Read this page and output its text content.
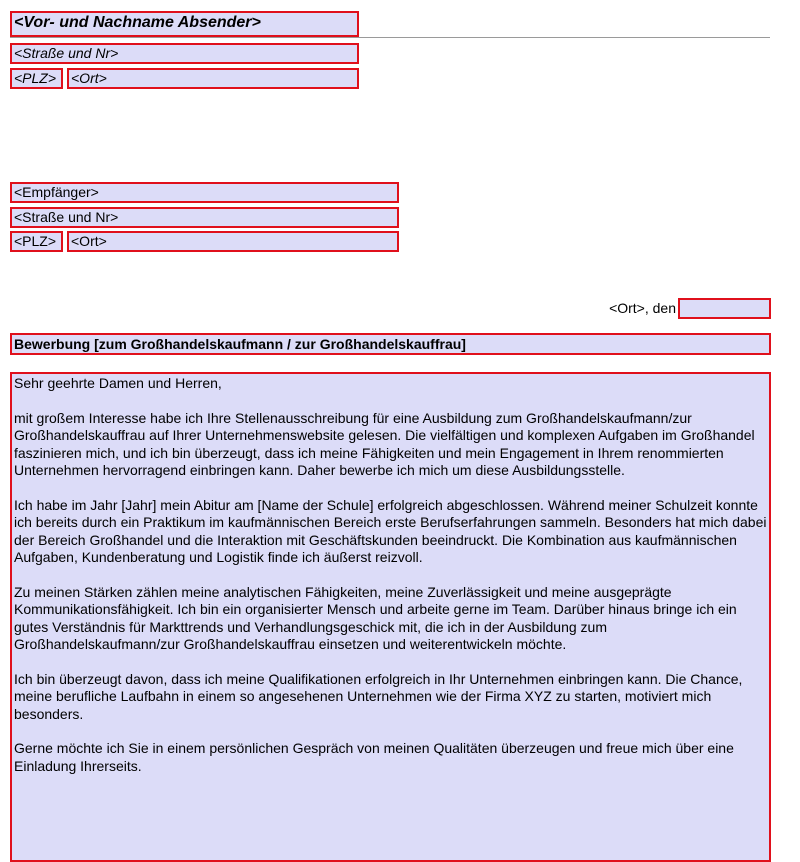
<Vor- und Nachname Absender>
<Straße und Nr>
<PLZ>	<Ort>
<Empfänger>
<Straße und Nr>
<PLZ>	<Ort>
<Ort>, den
Bewerbung [zum Großhandelskaufmann / zur Großhandelskauffrau]

Sehr geehrte Damen und Herren,

mit großem Interesse habe ich Ihre Stellenausschreibung für eine Ausbildung zum Großhandelskaufmann/zur Großhandelskauffrau auf Ihrer Unternehmenswebsite gelesen. Die vielfältigen und komplexen Aufgaben im Großhandel faszinieren mich, und ich bin überzeugt, dass ich meine Fähigkeiten und mein Engagement in Ihrem renommierten Unternehmen hervorragend einbringen kann. Daher bewerbe ich mich um diese Ausbildungsstelle.

Ich habe im Jahr [Jahr] mein Abitur am [Name der Schule] erfolgreich abgeschlossen. Während meiner Schulzeit konnte ich bereits durch ein Praktikum im kaufmännischen Bereich erste Berufserfahrungen sammeln. Besonders hat mich dabei der Bereich Großhandel und die Interaktion mit Geschäftskunden beeindruckt. Die Kombination aus kaufmännischen Aufgaben, Kundenberatung und Logistik finde ich äußerst reizvoll.

Zu meinen Stärken zählen meine analytischen Fähigkeiten, meine Zuverlässigkeit und meine ausgeprägte Kommunikationsfähigkeit. Ich bin ein organisierter Mensch und arbeite gerne im Team. Darüber hinaus bringe ich ein gutes Verständnis für Markttrends und Verhandlungsgeschick mit, die ich in der Ausbildung zum Großhandelskaufmann/zur Großhandelskauffrau einsetzen und weiterentwickeln möchte.

Ich bin überzeugt davon, dass ich meine Qualifikationen erfolgreich in Ihr Unternehmen einbringen kann. Die Chance, meine berufliche Laufbahn in einem so angesehenen Unternehmen wie der Firma XYZ zu starten, motiviert mich besonders.

Gerne möchte ich Sie in einem persönlichen Gespräch von meinen Qualitäten überzeugen und freue mich über eine Einladung Ihrerseits.
